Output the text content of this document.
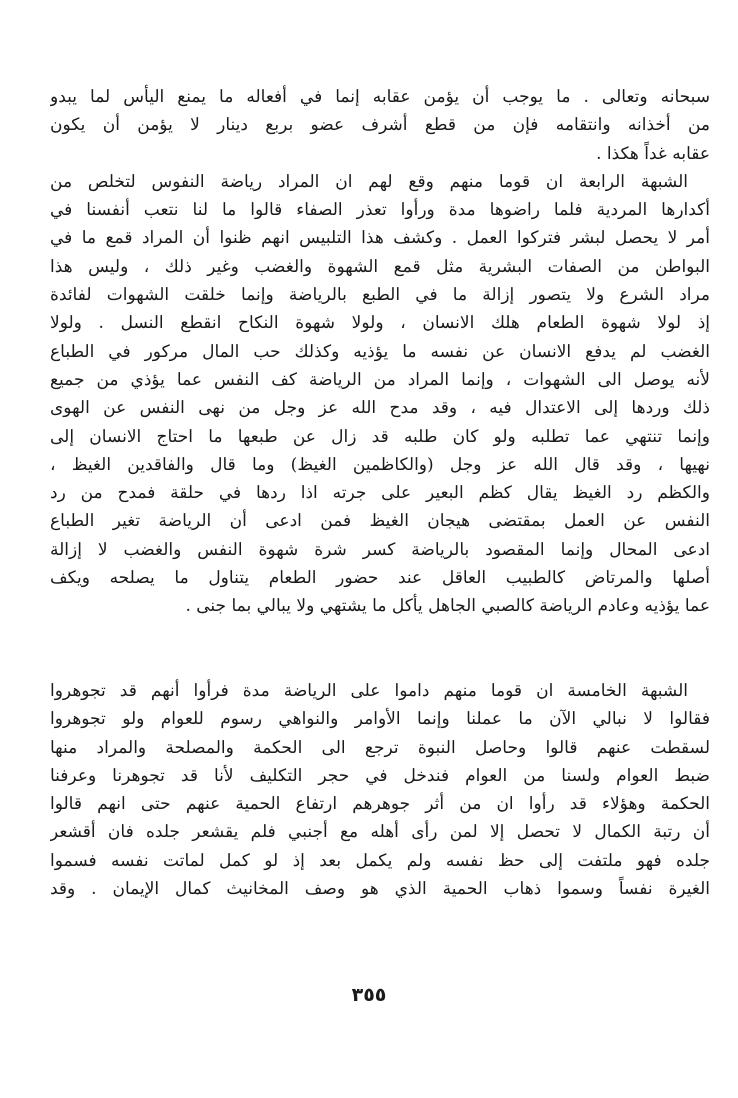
سبحانه وتعالى . ما يوجب أن يؤمن عقابه إنما في أفعاله ما يمنع اليأس لما يبدو
من أخذانه وانتقامه فإن من قطع أشرف عضو بربع دينار لا يؤمن أن يكون
عقابه غداً هكذا .

الشبهة الرابعة ان قوما منهم وقع لهم ان المراد رياضة النفوس لتخلص من
أكدارها المردية فلما راضوها مدة ورأوا تعذر الصفاء قالوا ما لنا نتعب أنفسنا في
أمر لا يحصل لبشر فتركوا العمل . وكشف هذا التلبيس انهم ظنوا أن المراد قمع ما في
البواطن من الصفات البشرية مثل قمع الشهوة والغضب وغير ذلك ، وليس هذا
مراد الشرع ولا يتصور إزالة ما في الطبع بالرياضة وإنما خلقت الشهوات لفائدة
إذ لولا شهوة الطعام هلك الانسان ، ولولا شهوة النكاح انقطع النسل . ولولا
الغضب لم يدفع الانسان عن نفسه ما يؤذيه وكذلك حب المال مركور في الطباع
لأنه يوصل الى الشهوات ، وإنما المراد من الرياضة كف النفس عما يؤذي من جميع
ذلك وردها إلى الاعتدال فيه ، وقد مدح الله عز وجل من نهى النفس عن الهوى
وإنما تنتهي عما تطلبه ولو كان طلبه قد زال عن طبعها ما احتاج الانسان إلى
نهيها ، وقد قال الله عز وجل (والكاظمين الغيظ) وما قال والفاقدين الغيظ ،
والكظم رد الغيظ يقال كظم البعير على جرته اذا ردها في حلقة فمدح من رد
النفس عن العمل بمقتضى هيجان الغيظ فمن ادعى أن الرياضة تغير الطباع
ادعى المحال وإنما المقصود بالرياضة كسر شرة شهوة النفس والغضب لا إزالة
أصلها والمرتاض كالطبيب العاقل عند حضور الطعام يتناول ما يصلحه ويكف
عما يؤذيه وعادم الرياضة كالصبي الجاهل يأكل ما يشتهي ولا يبالي بما جنى .

الشبهة الخامسة ان قوما منهم داموا على الرياضة مدة فرأوا أنهم قد تجوهروا
فقالوا لا نبالي الآن ما عملنا وإنما الأوامر والنواهي رسوم للعوام ولو تجوهروا
لسقطت عنهم قالوا وحاصل النبوة ترجع الى الحكمة والمصلحة والمراد منها
ضبط العوام ولسنا من العوام فندخل في حجر التكليف لأنا قد تجوهرنا وعرفنا
الحكمة وهؤلاء قد رأوا ان من أثر جوهرهم ارتفاع الحمية عنهم حتى انهم قالوا
أن رتبة الكمال لا تحصل إلا لمن رأى أهله مع أجنبي فلم يقشعر جلده فان أقشعر
جلده فهو ملتفت إلى حظ نفسه ولم يكمل بعد إذ لو كمل لماتت نفسه فسموا
الغيرة نفساً وسموا ذهاب الحمية الذي هو وصف المخانيث كمال الإيمان . وقد

٣٥٥
